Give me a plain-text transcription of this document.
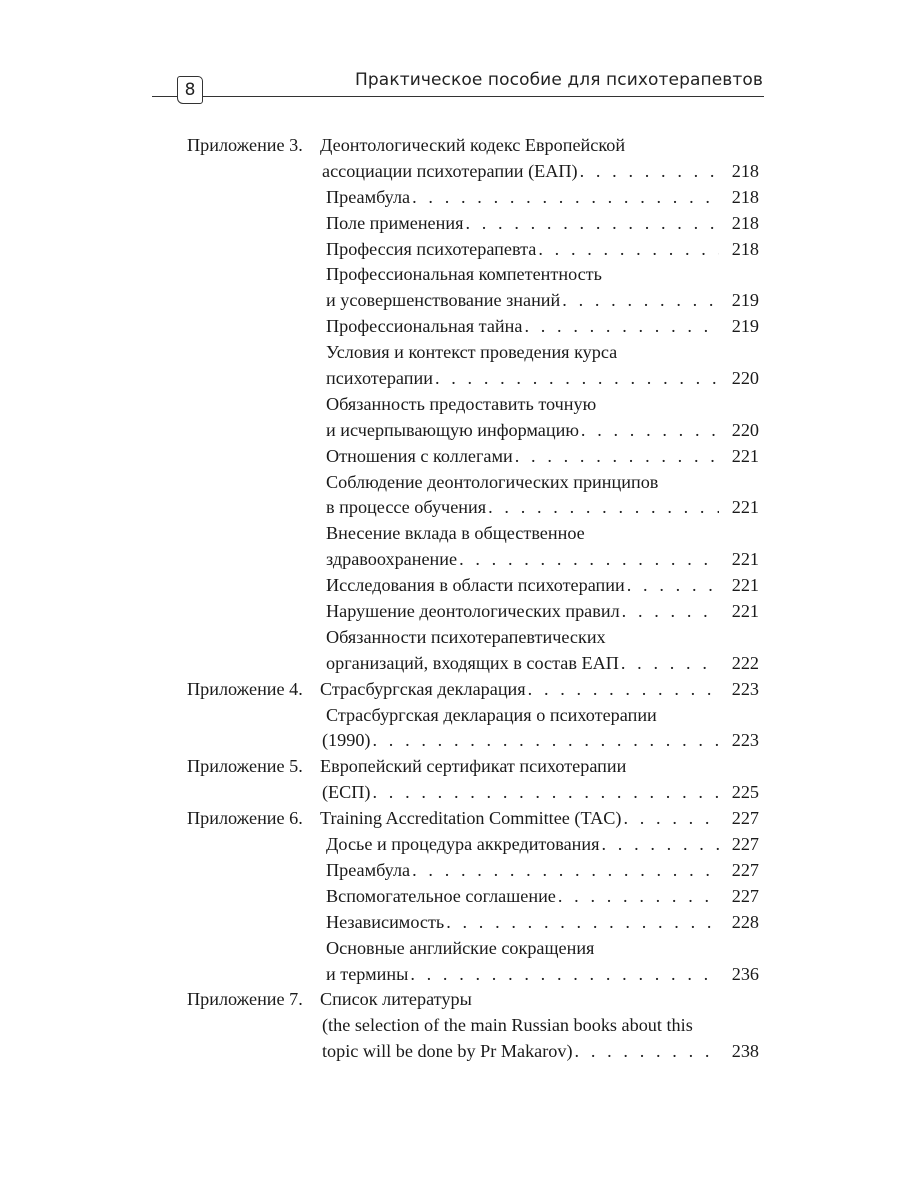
8	Практическое пособие для психотерапевтов
Приложение 3. Деонтологический кодекс Европейской
ассоциации психотерапии (ЕАП) . . .	218
Преамбула . . .	218
Поле применения . . .	218
Профессия психотерапевта . . .	218
Профессиональная компетентность
и усовершенствование знаний . . .	219
Профессиональная тайна . . .	219
Условия и контекст проведения курса
психотерапии . . .	220
Обязанность предоставить точную
и исчерпывающую информацию . . .	220
Отношения с коллегами . . .	221
Соблюдение деонтологических принципов
в процессе обучения . . .	221
Внесение вклада в общественное
здравоохранение . . .	221
Исследования в области психотерапии . . .	221
Нарушение деонтологических правил . . .	221
Обязанности психотерапевтических
организаций, входящих в состав ЕАП . . .	222
Приложение 4. Страсбургская декларация . . .	223
Страсбургская декларация о психотерапии
(1990) . . .	223
Приложение 5. Европейский сертификат психотерапии
(ЕСП) . . .	225
Приложение 6. Training Accreditation Committee (TAC) . . .	227
Досье и процедура аккредитования . . .	227
Преамбула . . .	227
Вспомогательное соглашение . . .	227
Независимость . . .	228
Основные английские сокращения
и термины . . .	236
Приложение 7. Список литературы
(the selection of the main Russian books about this
topic will be done by Pr Makarov) . . .	238
